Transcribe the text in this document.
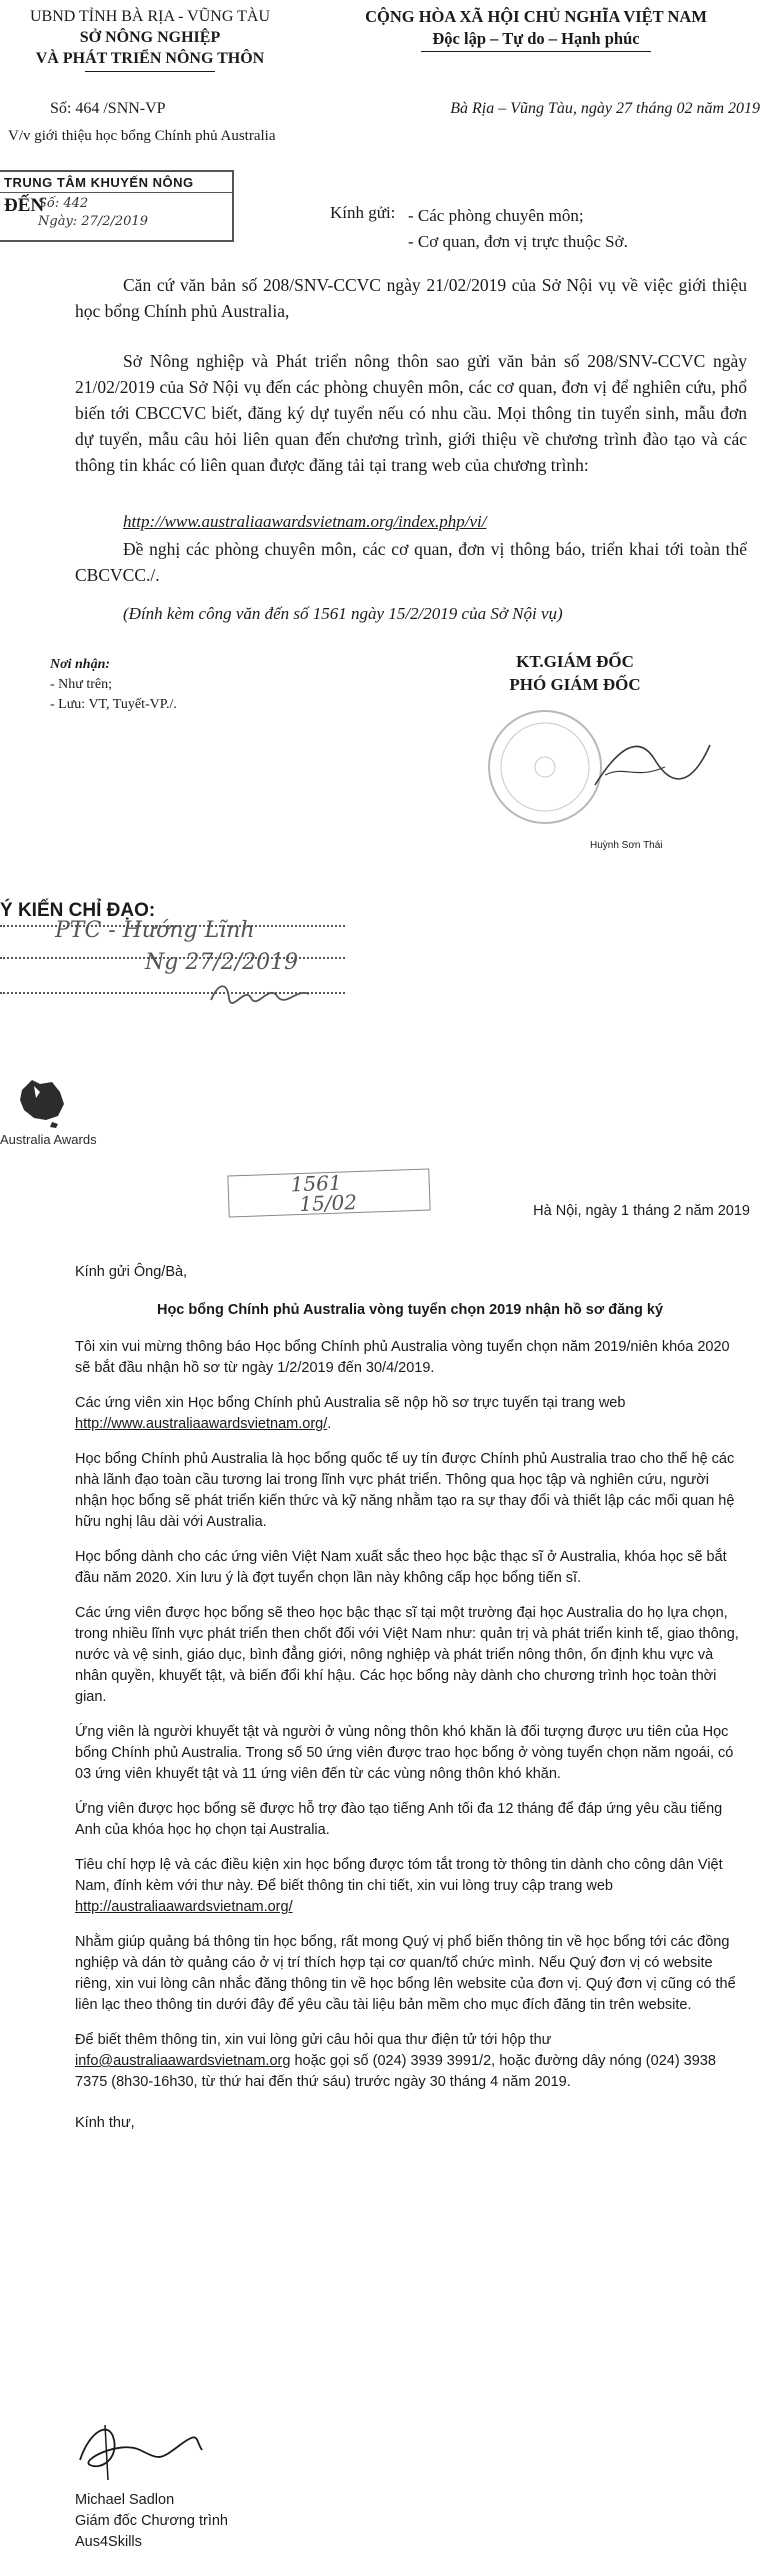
UBND TỈNH BÀ RỊA - VŨNG TÀU
SỞ NÔNG NGHIỆP
VÀ PHÁT TRIỂN NÔNG THÔN
CỘNG HÒA XÃ HỘI CHỦ NGHĨA VIỆT NAM
Độc lập – Tự do – Hạnh phúc
Số: 464 /SNN-VP	Bà Rịa – Vũng Tàu, ngày 27 tháng 02 năm 2019
V/v giới thiệu học bổng Chính phủ Australia
TRUNG TÂM KHUYẾN NÔNG
ĐẾN
Số: 442
Ngày: 27/2/2019	Kính gửi: - Các phòng chuyên môn;
- Cơ quan, đơn vị trực thuộc Sở.
Căn cứ văn bản số 208/SNV-CCVC ngày 21/02/2019 của Sở Nội vụ về việc giới thiệu học bổng Chính phủ Australia,
Sở Nông nghiệp và Phát triển nông thôn sao gửi văn bản số 208/SNV-CCVC ngày 21/02/2019 của Sở Nội vụ đến các phòng chuyên môn, các cơ quan, đơn vị để nghiên cứu, phổ biến tới CBCCVC biết, đăng ký dự tuyển nếu có nhu cầu. Mọi thông tin tuyển sinh, mẫu đơn dự tuyển, mẫu câu hỏi liên quan đến chương trình, giới thiệu về chương trình đào tạo và các thông tin khác có liên quan được đăng tải tại trang web của chương trình:
http://www.australiaawardsvietnam.org/index.php/vi/
Đề nghị các phòng chuyên môn, các cơ quan, đơn vị thông báo, triển khai tới toàn thể CBCVCC./.
(Đính kèm công văn đến số 1561 ngày 15/2/2019 của Sở Nội vụ)
Nơi nhận:
- Như trên;
- Lưu: VT, Tuyết-VP./.
KT.GIÁM ĐỐC
PHÓ GIÁM ĐỐC
Huỳnh Sơn Thái
Ý KIẾN CHỈ ĐẠO:
PTC - Hướng Lĩnh
Ng 27/2/2019
Australia Awards
1561
15/02	Hà Nội, ngày 1 tháng 2 năm 2019
Kính gửi Ông/Bà,
Học bổng Chính phủ Australia vòng tuyển chọn 2019 nhận hồ sơ đăng ký
Tôi xin vui mừng thông báo Học bổng Chính phủ Australia vòng tuyển chọn năm 2019/niên khóa 2020 sẽ bắt đầu nhận hồ sơ từ ngày 1/2/2019 đến 30/4/2019.
Các ứng viên xin Học bổng Chính phủ Australia sẽ nộp hồ sơ trực tuyến tại trang web
http://www.australiaawardsvietnam.org/.
Học bổng Chính phủ Australia là học bổng quốc tế uy tín được Chính phủ Australia trao cho thế hệ các nhà lãnh đạo toàn cầu tương lai trong lĩnh vực phát triển. Thông qua học tập và nghiên cứu, người nhận học bổng sẽ phát triển kiến thức và kỹ năng nhằm tạo ra sự thay đổi và thiết lập các mối quan hệ hữu nghị lâu dài với Australia.
Học bổng dành cho các ứng viên Việt Nam xuất sắc theo học bậc thạc sĩ ở Australia, khóa học sẽ bắt đầu năm 2020. Xin lưu ý là đợt tuyển chọn lần này không cấp học bổng tiến sĩ.
Các ứng viên được học bổng sẽ theo học bậc thạc sĩ tại một trường đại học Australia do họ lựa chọn, trong nhiều lĩnh vực phát triển then chốt đối với Việt Nam như: quản trị và phát triển kinh tế, giao thông, nước và vệ sinh, giáo dục, bình đẳng giới, nông nghiệp và phát triển nông thôn, ổn định khu vực và nhân quyền, khuyết tật, và biến đổi khí hậu. Các học bổng này dành cho chương trình học toàn thời gian.
Ứng viên là người khuyết tật và người ở vùng nông thôn khó khăn là đối tượng được ưu tiên của Học bổng Chính phủ Australia. Trong số 50 ứng viên được trao học bổng ở vòng tuyển chọn năm ngoái, có 03 ứng viên khuyết tật và 11 ứng viên đến từ các vùng nông thôn khó khăn.
Ứng viên được học bổng sẽ được hỗ trợ đào tạo tiếng Anh tối đa 12 tháng để đáp ứng yêu cầu tiếng Anh của khóa học họ chọn tại Australia.
Tiêu chí hợp lệ và các điều kiện xin học bổng được tóm tắt trong tờ thông tin dành cho công dân Việt Nam, đính kèm với thư này. Để biết thông tin chi tiết, xin vui lòng truy cập trang web http://australiaawardsvietnam.org/
Nhằm giúp quảng bá thông tin học bổng, rất mong Quý vị phổ biến thông tin về học bổng tới các đồng nghiệp và dán tờ quảng cáo ở vị trí thích hợp tại cơ quan/tổ chức mình. Nếu Quý đơn vị có website riêng, xin vui lòng cân nhắc đăng thông tin về học bổng lên website của đơn vị. Quý đơn vị cũng có thể liên lạc theo thông tin dưới đây để yêu cầu tài liệu bản mềm cho mục đích đăng tin trên website.
Để biết thêm thông tin, xin vui lòng gửi câu hỏi qua thư điện tử tới hộp thư info@australiaawardsvietnam.org hoặc gọi số (024) 3939 3991/2, hoặc đường dây nóng (024) 3938 7375 (8h30-16h30, từ thứ hai đến thứ sáu) trước ngày 30 tháng 4 năm 2019.
Kính thư,
Michael Sadlon
Giám đốc Chương trình
Aus4Skills
